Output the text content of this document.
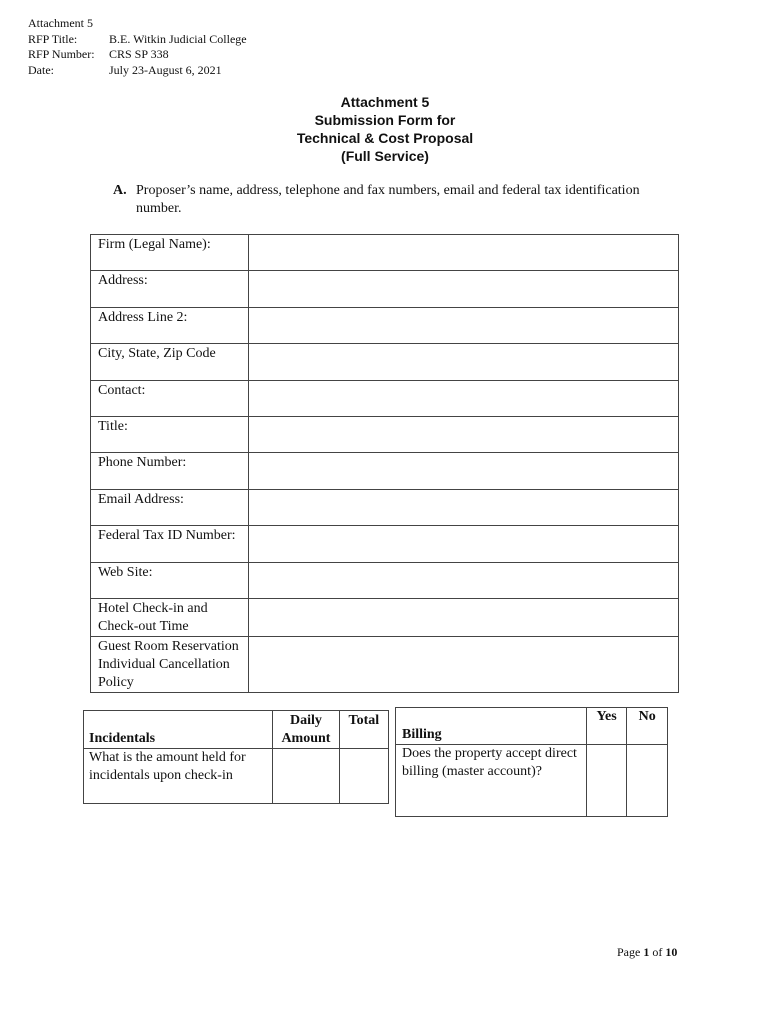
Attachment 5
RFP Title:	B.E. Witkin Judicial College
RFP Number:	CRS SP 338
Date:	July 23-August 6, 2021
Attachment 5
Submission Form for
Technical & Cost Proposal
(Full Service)
A. Proposer’s name, address, telephone and fax numbers, email and federal tax identification number.
Firm (Legal Name):	
Address:	
Address Line 2:	
City, State, Zip Code	
Contact:	
Title:	
Phone Number:	
Email Address:	
Federal Tax ID Number:	
Web Site:	
Hotel Check-in and Check-out Time	
Guest Room Reservation Individual Cancellation Policy	
Incidentals	Daily Amount	Total
What is the amount held for incidentals upon check-in		
Billing	Yes	No
Does the property accept direct billing (master account)?		
Page 1 of 10
